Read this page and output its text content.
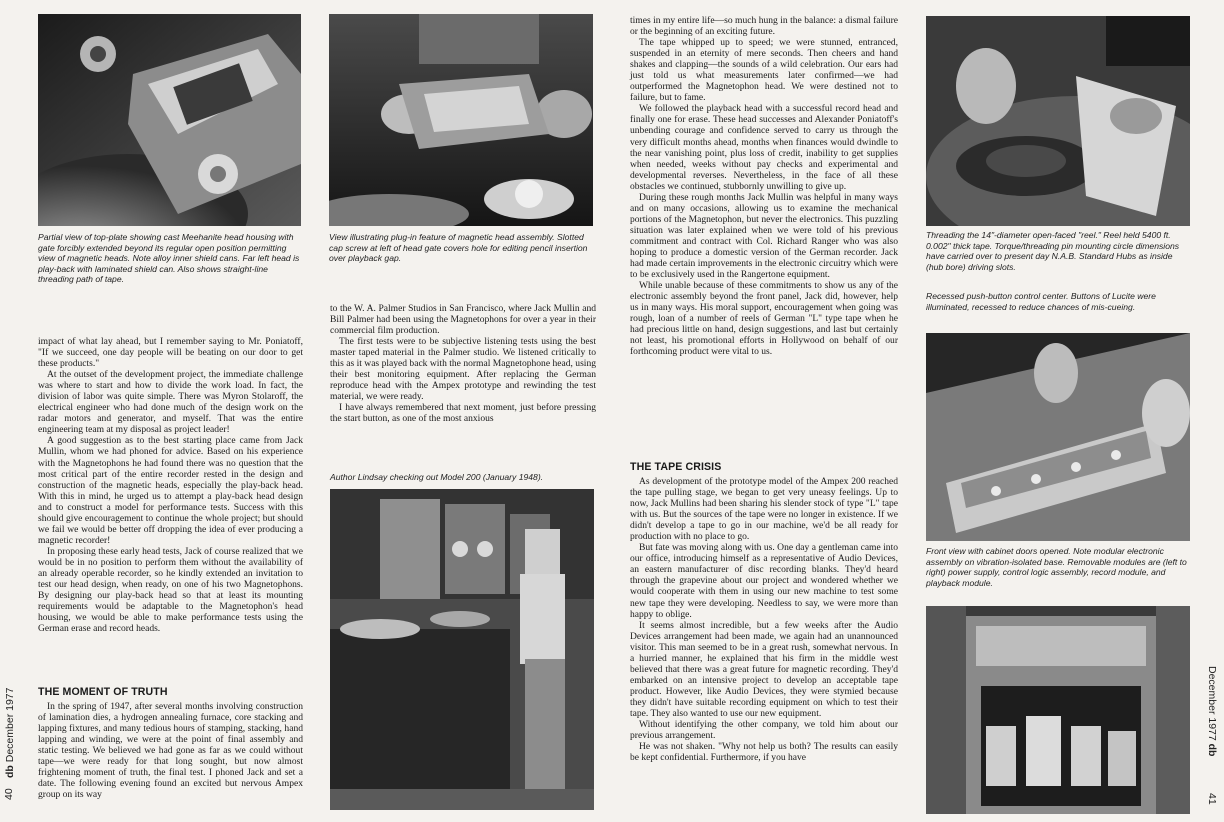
Partial view of top-plate showing cast Meehanite head housing with gate forcibly extended beyond its regular open position permitting view of magnetic heads. Note alloy inner shield cans. Far left head is play-back with laminated shield can. Also shows straight-line threading path of tape.
View illustrating plug-in feature of magnetic head assembly. Slotted cap screw at left of head gate covers hole for editing pencil insertion over playback gap.
Author Lindsay checking out Model 200 (January 1948).
Threading the 14"-diameter open-faced "reel." Reel held 5400 ft. 0.002" thick tape. Torque/threading pin mounting circle dimensions have carried over to present day N.A.B. Standard Hubs as inside (hub bore) driving slots.
Recessed push-button control center. Buttons of Lucite were illuminated, recessed to reduce chances of mis-cueing.
Front view with cabinet doors opened. Note modular electronic assembly on vibration-isolated base. Removable modules are (left to right) power supply, control logic assembly, record module, and playback module.

impact of what lay ahead, but I remember saying to Mr. Poniatoff, "If we succeed, one day people will be beating on our door to get these products."

At the outset of the development project, the immediate challenge was where to start and how to divide the work load. In fact, the division of labor was quite simple. There was Myron Stolaroff, the electrical engineer who had done much of the design work on the radar motors and generator, and myself. That was the entire engineering team at my disposal as project leader!

A good suggestion as to the best starting place came from Jack Mullin, whom we had phoned for advice. Based on his experience with the Magnetophons he had found there was no question that the most critical part of the entire recorder rested in the design and construction of the magnetic heads, especially the play-back head. With this in mind, he urged us to attempt a play-back head design and to construct a model for performance tests. Success with this should give encouragement to continue the whole project; but should we fail we would be better off dropping the idea of ever producing a magnetic recorder!

In proposing these early head tests, Jack of course realized that we would be in no position to perform them without the availability of an already operable recorder, so he kindly extended an invitation to test our head design, when ready, on one of his two Magnetophons. By designing our play-back head so that at least its mounting requirements would be adaptable to the Magnetophon's head housing, we would be able to make performance tests using the German erase and record heads.

THE MOMENT OF TRUTH

In the spring of 1947, after several months involving construction of lamination dies, a hydrogen annealing furnace, core stacking and lapping fixtures, and many tedious hours of stamping, stacking, hand lapping and winding, we were at the point of final assembly and static testing. We believed we had gone as far as we could without tape—we were ready for that long sought, but now almost frightening moment of truth, the final test. I phoned Jack and set a date. The following evening found an excited but nervous Ampex group on its way

to the W. A. Palmer Studios in San Francisco, where Jack Mullin and Bill Palmer had been using the Magnetophons for over a year in their commercial film production.

The first tests were to be subjective listening tests using the best master taped material in the Palmer studio. We listened critically to this as it was played back with the normal Magnetophone head, using their best monitoring equipment. After replacing the German reproduce head with the Ampex prototype and rewinding the test material, we were ready.

I have always remembered that next moment, just before pressing the start button, as one of the most anxious

times in my entire life—so much hung in the balance: a dismal failure or the beginning of an exciting future.

The tape whipped up to speed; we were stunned, entranced, suspended in an eternity of mere seconds. Then cheers and hand shakes and clapping—the sounds of a wild celebration. Our ears had just told us what measurements later confirmed—we had outperformed the Magnetophon head. We were destined not to failure, but to fame.

We followed the playback head with a successful record head and finally one for erase. These head successes and Alexander Poniatoff's unbending courage and confidence served to carry us through the very difficult months ahead, months when finances would dwindle to the near vanishing point, plus loss of credit, inability to get supplies when needed, weeks without pay checks and experimental and developmental reverses. Nevertheless, in the face of all these obstacles we continued, stubbornly unwilling to give up.

During these rough months Jack Mullin was helpful in many ways and on many occasions, allowing us to examine the mechanical portions of the Magnetophon, but never the electronics. This puzzling situation was later explained when we were told of his previous commitment and contract with Col. Richard Ranger who was also hoping to produce a domestic version of the German recorder. Jack had made certain improvements in the electronic circuitry which were to be exclusively used in the Rangertone equipment.

While unable because of these commitments to show us any of the electronic assembly beyond the front panel, Jack did, however, help us in many ways. His moral support, encouragement when going was rough, loan of a number of reels of German "L" type tape when he had precious little on hand, design suggestions, and last but certainly not least, his promotional efforts in Hollywood on behalf of our forthcoming product were vital to us.

THE TAPE CRISIS

As development of the prototype model of the Ampex 200 reached the tape pulling stage, we began to get very uneasy feelings. Up to now, Jack Mullins had been sharing his slender stock of type "L" tape with us. But the sources of the tape were no longer in existence. If we didn't develop a tape to go in our machine, we'd be all ready for production with no place to go.

But fate was moving along with us. One day a gentleman came into our office, introducing himself as a representative of Audio Devices, an eastern manufacturer of disc recording blanks. They'd heard through the grapevine about our project and wondered whether we would cooperate with them in using our new machine to test some new tape they were developing. Needless to say, we were more than happy to oblige.

It seems almost incredible, but a few weeks after the Audio Devices arrangement had been made, we again had an unannounced visitor. This man seemed to be in a great rush, somewhat nervous. In a hurried manner, he explained that his firm in the middle west believed that there was a great future for magnetic recording. They'd embarked on an intensive project to develop an acceptable tape product. However, like Audio Devices, they were stymied because they didn't have suitable recording equipment on which to test their tape. They also wanted to use our new equipment.

Without identifying the other company, we told him about our previous arrangement.

He was not shaken. "Why not help us both? The results can easily be kept confidential. Furthermore, if you have

40
db December 1977	December 1977 db
41
